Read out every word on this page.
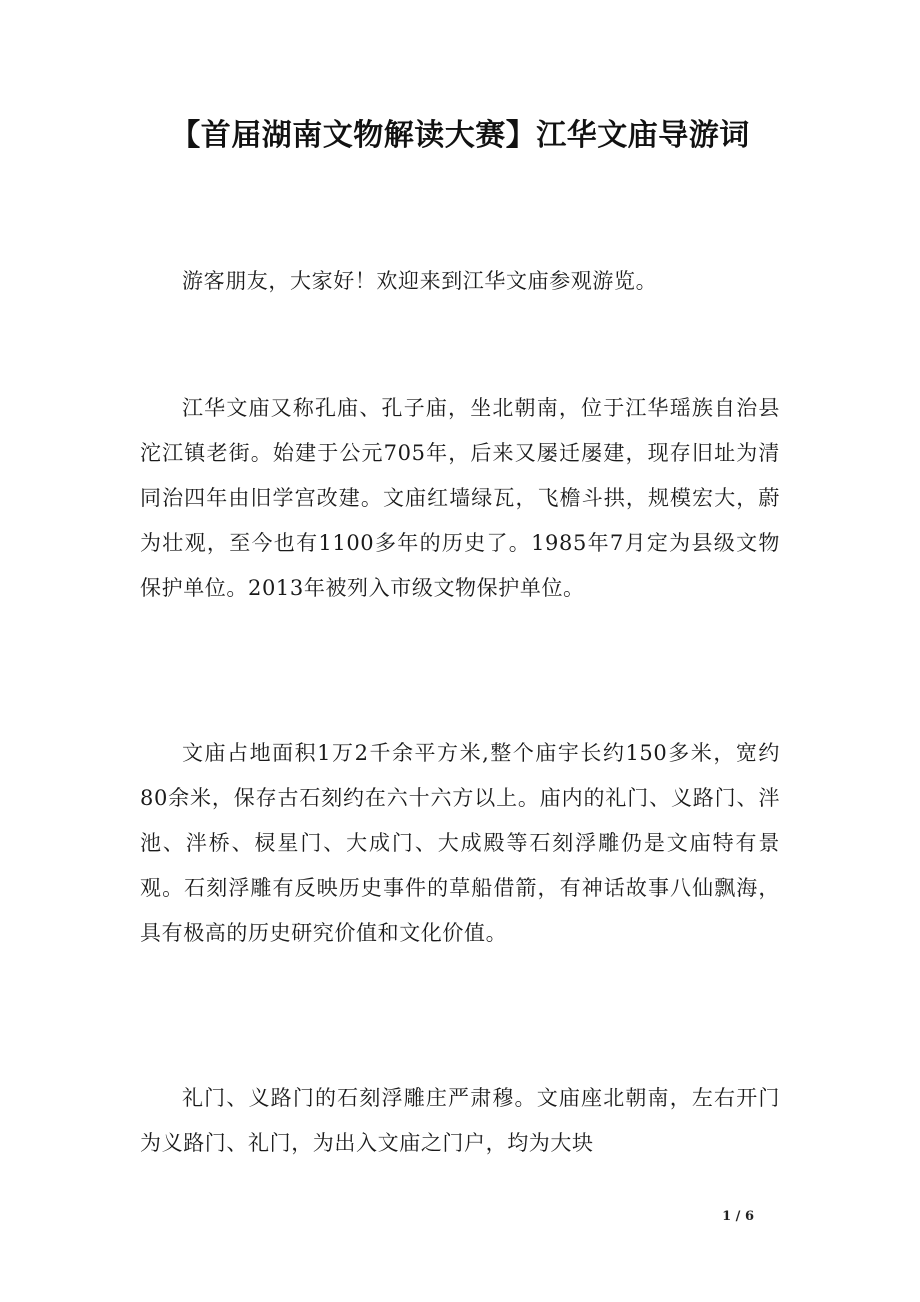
【首届湖南文物解读大赛】江华文庙导游词

游客朋友，大家好！欢迎来到江华文庙参观游览。

江华文庙又称孔庙、孔子庙，坐北朝南，位于江华瑶族自治县沱江镇老街。始建于公元705年，后来又屡迁屡建，现存旧址为清同治四年由旧学宫改建。文庙红墙绿瓦，飞檐斗拱，规模宏大，蔚为壮观，至今也有1100多年的历史了。1985年7月定为县级文物保护单位。2013年被列入市级文物保护单位。

文庙占地面积1万2千余平方米,整个庙宇长约150多米，宽约80余米，保存古石刻约在六十六方以上。庙内的礼门、义路门、泮池、泮桥、棂星门、大成门、大成殿等石刻浮雕仍是文庙特有景观。石刻浮雕有反映历史事件的草船借箭，有神话故事八仙飘海，具有极高的历史研究价值和文化价值。

礼门、义路门的石刻浮雕庄严肃穆。文庙座北朝南，左右开门为义路门、礼门，为出入文庙之门户，均为大块

1 / 6
